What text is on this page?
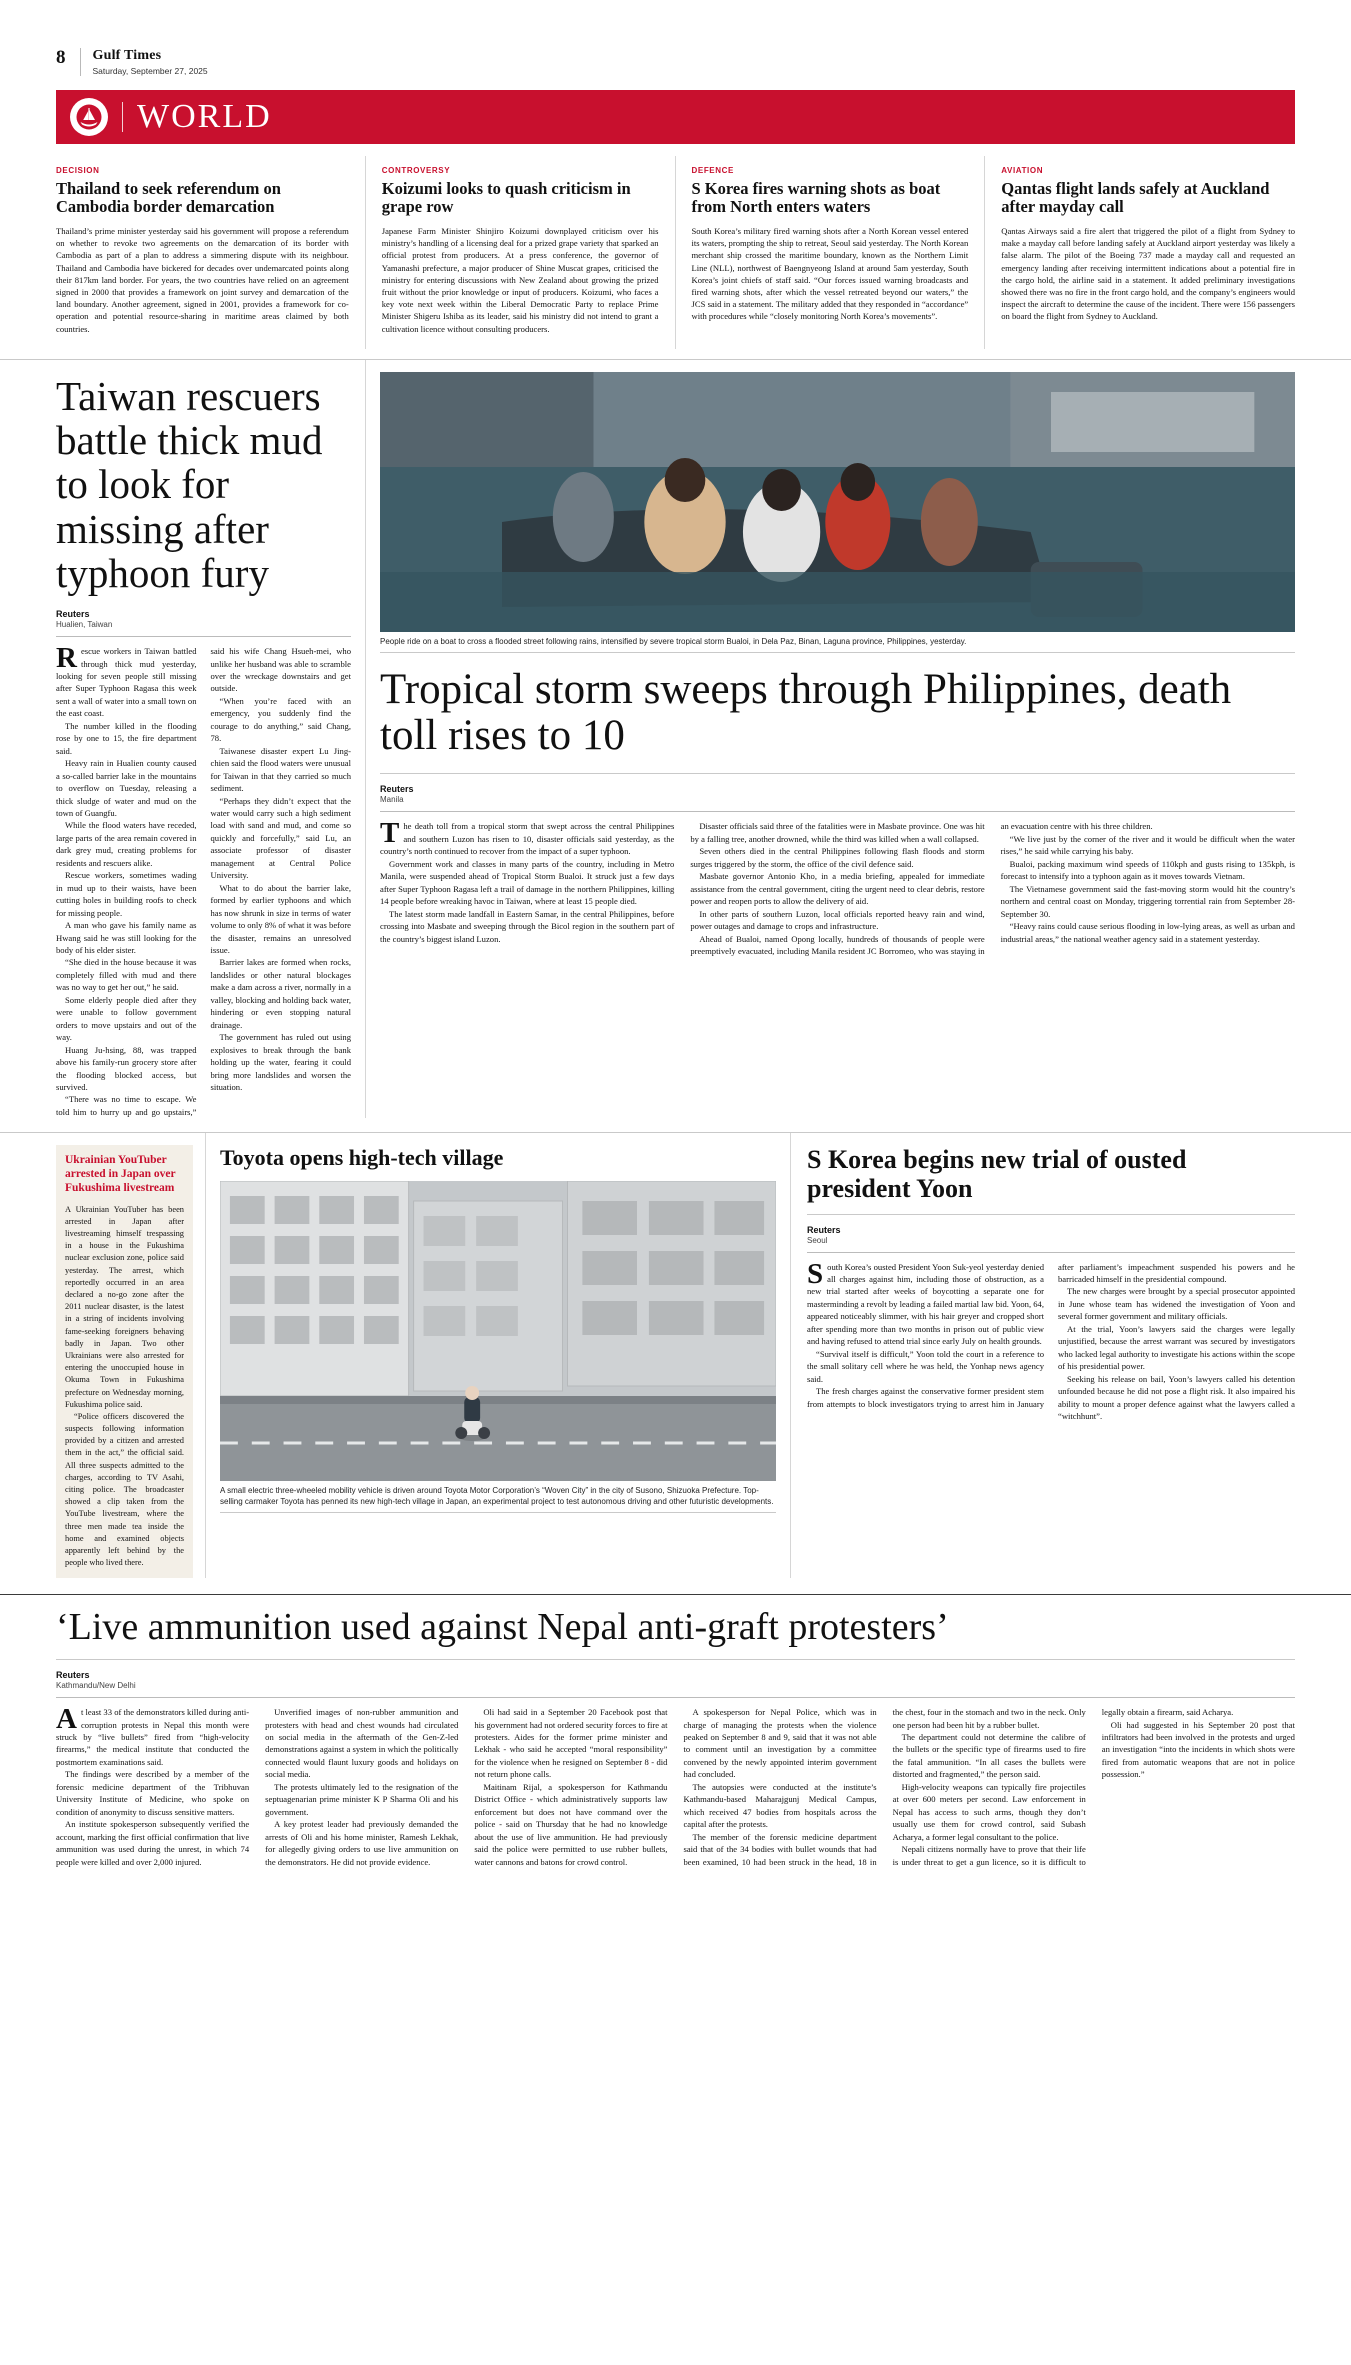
8 Gulf Times
Saturday, September 27, 2025
WORLD
DECISION
Thailand to seek referendum on Cambodia border demarcation

Thailand’s prime minister yesterday said his government will propose a referendum on whether to revoke two agreements on the demarcation of its border with Cambodia as part of a plan to address a simmering dispute with its neighbour. Thailand and Cambodia have bickered for decades over undemarcated points along their 817km land border. For years, the two countries have relied on an agreement signed in 2000 that provides a framework on joint survey and demarcation of the land boundary. Another agreement, signed in 2001, provides a framework for co-operation and potential resource-sharing in maritime areas claimed by both countries.

CONTROVERSY
Koizumi looks to quash criticism in grape row

Japanese Farm Minister Shinjiro Koizumi downplayed criticism over his ministry’s handling of a licensing deal for a prized grape variety that sparked an official protest from producers. At a press conference, the governor of Yamanashi prefecture, a major producer of Shine Muscat grapes, criticised the ministry for entering discussions with New Zealand about growing the prized fruit without the prior knowledge or input of producers. Koizumi, who faces a key vote next week within the Liberal Democratic Party to replace Prime Minister Shigeru Ishiba as its leader, said his ministry did not intend to grant a cultivation licence without consulting producers.

DEFENCE
S Korea fires warning shots as boat from North enters waters

South Korea’s military fired warning shots after a North Korean vessel entered its waters, prompting the ship to retreat, Seoul said yesterday. The North Korean merchant ship crossed the maritime boundary, known as the Northern Limit Line (NLL), northwest of Baengnyeong Island at around 5am yesterday, South Korea’s joint chiefs of staff said. “Our forces issued warning broadcasts and fired warning shots, after which the vessel retreated beyond our waters,” the JCS said in a statement. The military added that they responded in “accordance” with procedures while “closely monitoring North Korea’s movements”.

AVIATION
Qantas flight lands safely at Auckland after mayday call

Qantas Airways said a fire alert that triggered the pilot of a flight from Sydney to make a mayday call before landing safely at Auckland airport yesterday was likely a false alarm. The pilot of the Boeing 737 made a mayday call and requested an emergency landing after receiving intermittent indications about a potential fire in the cargo hold, the airline said in a statement. It added preliminary investigations showed there was no fire in the front cargo hold, and the company’s engineers would inspect the aircraft to determine the cause of the incident. There were 156 passengers on board the flight from Sydney to Auckland.

Taiwan rescuers battle thick mud to look for missing after typhoon fury
Reuters
Hualien, Taiwan

Rescue workers in Taiwan battled through thick mud yesterday, looking for seven people still missing after Super Typhoon Ragasa this week sent a wall of water into a small town on the east coast.

The number killed in the flooding rose by one to 15, the fire department said.

Heavy rain in Hualien county caused a so-called barrier lake in the mountains to overflow on Tuesday, releasing a thick sludge of water and mud on the town of Guangfu.

While the flood waters have receded, large parts of the area remain covered in dark grey mud, creating problems for residents and rescuers alike.

Rescue workers, sometimes wading in mud up to their waists, have been cutting holes in building roofs to check for missing people.

A man who gave his family name as Hwang said he was still looking for the body of his elder sister.

“She died in the house because it was completely filled with mud and there was no way to get her out,” he said.

Some elderly people died after they were unable to follow government orders to move upstairs and out of the way.

Huang Ju-hsing, 88, was trapped above his family-run grocery store after the flooding blocked access, but survived.

“There was no time to escape. We told him to hurry up and go upstairs,” said his wife Chang Hsueh-mei, who unlike her husband was able to scramble over the wreckage downstairs and get outside.

“When you’re faced with an emergency, you suddenly find the courage to do anything,” said Chang, 78.

Taiwanese disaster expert Lu Jing-chien said the flood waters were unusual for Taiwan in that they carried so much sediment.

“Perhaps they didn’t expect that the water would carry such a high sediment load with sand and mud, and come so quickly and forcefully,” said Lu, an associate professor of disaster management at Central Police University.

What to do about the barrier lake, formed by earlier typhoons and which has now shrunk in size in terms of water volume to only 8% of what it was before the disaster, remains an unresolved issue.

Barrier lakes are formed when rocks, landslides or other natural blockages make a dam across a river, normally in a valley, blocking and holding back water, hindering or even stopping natural drainage.

The government has ruled out using explosives to break through the bank holding up the water, fearing it could bring more landslides and worsen the situation.

People ride on a boat to cross a flooded street following rains, intensified by severe tropical storm Bualoi, in Dela Paz, Binan, Laguna province, Philippines, yesterday.
Tropical storm sweeps through Philippines, death toll rises to 10
Reuters
Manila

The death toll from a tropical storm that swept across the central Philippines and southern Luzon has risen to 10, disaster officials said yesterday, as the country’s north continued to recover from the impact of a super typhoon.

Government work and classes in many parts of the country, including in Metro Manila, were suspended ahead of Tropical Storm Bualoi. It struck just a few days after Super Typhoon Ragasa left a trail of damage in the northern Philippines, killing 14 people before wreaking havoc in Taiwan, where at least 15 people died.

The latest storm made landfall in Eastern Samar, in the central Philippines, before crossing into Masbate and sweeping through the Bicol region in the southern part of the country’s biggest island Luzon.

Disaster officials said three of the fatalities were in Masbate province. One was hit by a falling tree, another drowned, while the third was killed when a wall collapsed.

Seven others died in the central Philippines following flash floods and storm surges triggered by the storm, the office of the civil defence said.

Masbate governor Antonio Kho, in a media briefing, appealed for immediate assistance from the central government, citing the urgent need to clear debris, restore power and reopen ports to allow the delivery of aid.

In other parts of southern Luzon, local officials reported heavy rain and wind, power outages and damage to crops and infrastructure.

Ahead of Bualoi, named Opong locally, hundreds of thousands of people were preemptively evacuated, including Manila resident JC Borromeo, who was staying in an evacuation centre with his three children.

“We live just by the corner of the river and it would be difficult when the water rises,” he said while carrying his baby.

Bualoi, packing maximum wind speeds of 110kph and gusts rising to 135kph, is forecast to intensify into a typhoon again as it moves towards Vietnam.

The Vietnamese government said the fast-moving storm would hit the country’s northern and central coast on Monday, triggering torrential rain from September 28-September 30.

“Heavy rains could cause serious flooding in low-lying areas, as well as urban and industrial areas,” the national weather agency said in a statement yesterday.

Ukrainian YouTuber arrested in Japan over Fukushima livestream

A Ukrainian YouTuber has been arrested in Japan after livestreaming himself trespassing in a house in the Fukushima nuclear exclusion zone, police said yesterday. The arrest, which reportedly occurred in an area declared a no-go zone after the 2011 nuclear disaster, is the latest in a string of incidents involving fame-seeking foreigners behaving badly in Japan. Two other Ukrainians were also arrested for entering the unoccupied house in Okuma Town in Fukushima prefecture on Wednesday morning, Fukushima police said.

“Police officers discovered the suspects following information provided by a citizen and arrested them in the act,” the official said. All three suspects admitted to the charges, according to TV Asahi, citing police. The broadcaster showed a clip taken from the YouTube livestream, where the three men made tea inside the home and examined objects apparently left behind by the people who lived there.

Toyota opens high-tech village
A small electric three-wheeled mobility vehicle is driven around Toyota Motor Corporation’s “Woven City” in the city of Susono, Shizuoka Prefecture. Top-selling carmaker Toyota has penned its new high-tech village in Japan, an experimental project to test autonomous driving and other futuristic developments.
S Korea begins new trial of ousted president Yoon
Reuters
Seoul

South Korea’s ousted President Yoon Suk-yeol yesterday denied all charges against him, including those of obstruction, as a new trial started after weeks of boycotting a separate one for masterminding a revolt by leading a failed martial law bid. Yoon, 64, appeared noticeably slimmer, with his hair greyer and cropped short after spending more than two months in prison out of public view and having refused to attend trial since early July on health grounds.

“Survival itself is difficult,” Yoon told the court in a reference to the small solitary cell where he was held, the Yonhap news agency said.

The fresh charges against the conservative former president stem from attempts to block investigators trying to arrest him in January after parliament’s impeachment suspended his powers and he barricaded himself in the presidential compound.

The new charges were brought by a special prosecutor appointed in June whose team has widened the investigation of Yoon and several former government and military officials.

At the trial, Yoon’s lawyers said the charges were legally unjustified, because the arrest warrant was secured by investigators who lacked legal authority to investigate his actions within the scope of his presidential power.

Seeking his release on bail, Yoon’s lawyers called his detention unfounded because he did not pose a flight risk. It also impaired his ability to mount a proper defence against what the lawyers called a “witchhunt”.

‘Live ammunition used against Nepal anti-graft protesters’
Reuters
Kathmandu/New Delhi

At least 33 of the demonstrators killed during anti-corruption protests in Nepal this month were struck by “live bullets” fired from “high-velocity firearms,” the medical institute that conducted the postmortem examinations said.

The findings were described by a member of the forensic medicine department of the Tribhuvan University Institute of Medicine, who spoke on condition of anonymity to discuss sensitive matters.

An institute spokesperson subsequently verified the account, marking the first official confirmation that live ammunition was used during the unrest, in which 74 people were killed and over 2,000 injured.

Unverified images of non-rubber ammunition and protesters with head and chest wounds had circulated on social media in the aftermath of the Gen-Z-led demonstrations against a system in which the politically connected would flaunt luxury goods and holidays on social media.

The protests ultimately led to the resignation of the septuagenarian prime minister K P Sharma Oli and his government.

A key protest leader had previously demanded the arrests of Oli and his home minister, Ramesh Lekhak, for allegedly giving orders to use live ammunition on the demonstrators. He did not provide evidence.

Oli had said in a September 20 Facebook post that his government had not ordered security forces to fire at protesters. Aides for the former prime minister and Lekhak - who said he accepted “moral responsibility” for the violence when he resigned on September 8 - did not return phone calls.

Maitinam Rijal, a spokesperson for Kathmandu District Office - which administratively supports law enforcement but does not have command over the police - said on Thursday that he had no knowledge about the use of live ammunition. He had previously said the police were permitted to use rubber bullets, water cannons and batons for crowd control.

A spokesperson for Nepal Police, which was in charge of managing the protests when the violence peaked on September 8 and 9, said that it was not able to comment until an investigation by a committee convened by the newly appointed interim government had concluded.

The autopsies were conducted at the institute’s Kathmandu-based Maharajgunj Medical Campus, which received 47 bodies from hospitals across the capital after the protests.

The member of the forensic medicine department said that of the 34 bodies with bullet wounds that had been examined, 10 had been struck in the head, 18 in the chest, four in the stomach and two in the neck. Only one person had been hit by a rubber bullet.

The department could not determine the calibre of the bullets or the specific type of firearms used to fire the fatal ammunition. “In all cases the bullets were distorted and fragmented,” the person said.

High-velocity weapons can typically fire projectiles at over 600 meters per second. Law enforcement in Nepal has access to such arms, though they don’t usually use them for crowd control, said Subash Acharya, a former legal consultant to the police.

Nepali citizens normally have to prove that their life is under threat to get a gun licence, so it is difficult to legally obtain a firearm, said Acharya.

Oli had suggested in his September 20 post that infiltrators had been involved in the protests and urged an investigation “into the incidents in which shots were fired from automatic weapons that are not in police possession.”
